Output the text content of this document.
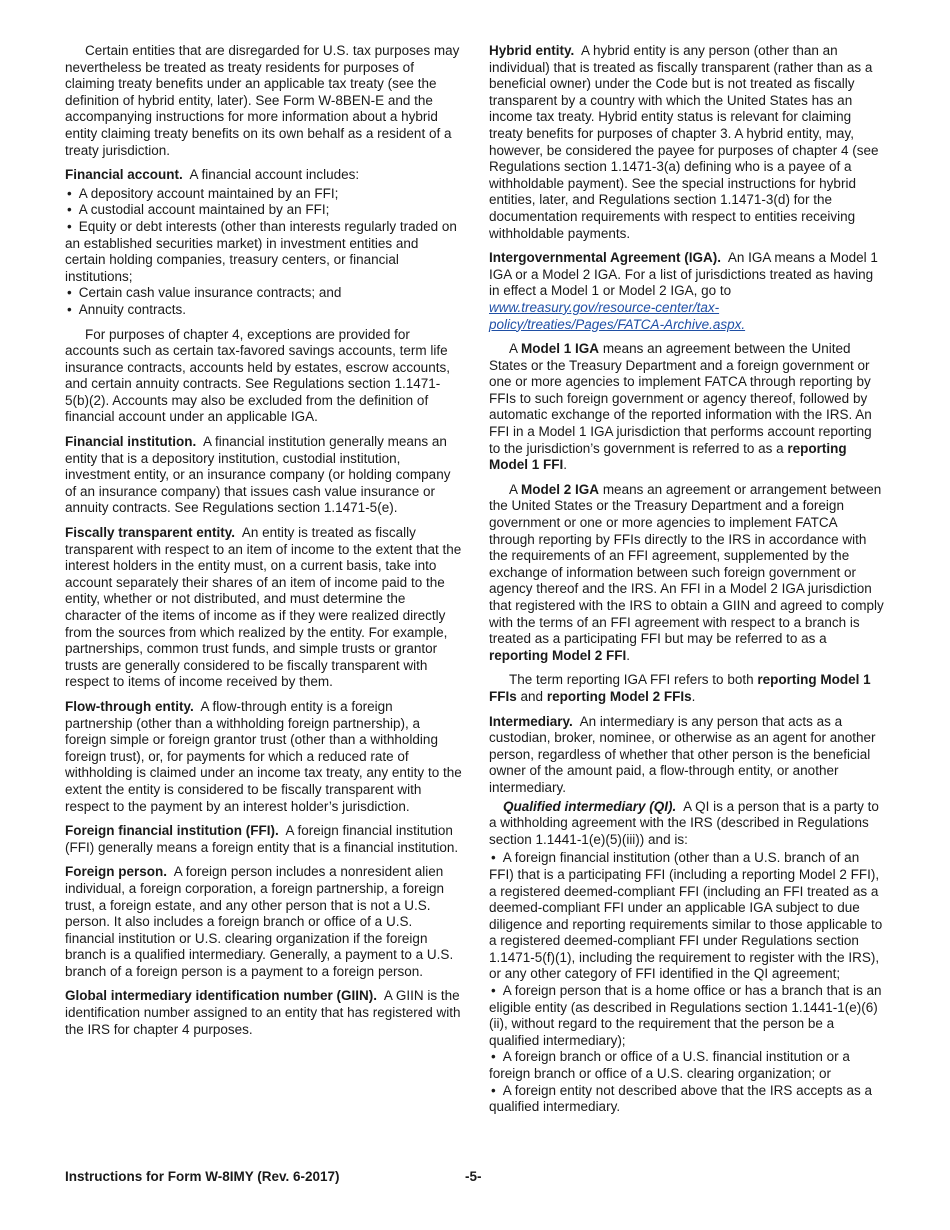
Certain entities that are disregarded for U.S. tax purposes may nevertheless be treated as treaty residents for purposes of claiming treaty benefits under an applicable tax treaty (see the definition of hybrid entity, later). See Form W-8BEN-E and the accompanying instructions for more information about a hybrid entity claiming treaty benefits on its own behalf as a resident of a treaty jurisdiction.

Financial account. A financial account includes:

• A depository account maintained by an FFI;
• A custodial account maintained by an FFI;
• Equity or debt interests (other than interests regularly traded on an established securities market) in investment entities and certain holding companies, treasury centers, or financial institutions;
• Certain cash value insurance contracts; and
• Annuity contracts.

For purposes of chapter 4, exceptions are provided for accounts such as certain tax-favored savings accounts, term life insurance contracts, accounts held by estates, escrow accounts, and certain annuity contracts. See Regulations section 1.1471-5(b)(2). Accounts may also be excluded from the definition of financial account under an applicable IGA.

Financial institution. A financial institution generally means an entity that is a depository institution, custodial institution, investment entity, or an insurance company (or holding company of an insurance company) that issues cash value insurance or annuity contracts. See Regulations section 1.1471-5(e).

Fiscally transparent entity. An entity is treated as fiscally transparent with respect to an item of income to the extent that the interest holders in the entity must, on a current basis, take into account separately their shares of an item of income paid to the entity, whether or not distributed, and must determine the character of the items of income as if they were realized directly from the sources from which realized by the entity. For example, partnerships, common trust funds, and simple trusts or grantor trusts are generally considered to be fiscally transparent with respect to items of income received by them.

Flow-through entity. A flow-through entity is a foreign partnership (other than a withholding foreign partnership), a foreign simple or foreign grantor trust (other than a withholding foreign trust), or, for payments for which a reduced rate of withholding is claimed under an income tax treaty, any entity to the extent the entity is considered to be fiscally transparent with respect to the payment by an interest holder’s jurisdiction.

Foreign financial institution (FFI). A foreign financial institution (FFI) generally means a foreign entity that is a financial institution.

Foreign person. A foreign person includes a nonresident alien individual, a foreign corporation, a foreign partnership, a foreign trust, a foreign estate, and any other person that is not a U.S. person. It also includes a foreign branch or office of a U.S. financial institution or U.S. clearing organization if the foreign branch is a qualified intermediary. Generally, a payment to a U.S. branch of a foreign person is a payment to a foreign person.

Global intermediary identification number (GIIN). A GIIN is the identification number assigned to an entity that has registered with the IRS for chapter 4 purposes.

Hybrid entity. A hybrid entity is any person (other than an individual) that is treated as fiscally transparent (rather than as a beneficial owner) under the Code but is not treated as fiscally transparent by a country with which the United States has an income tax treaty. Hybrid entity status is relevant for claiming treaty benefits for purposes of chapter 3. A hybrid entity, may, however, be considered the payee for purposes of chapter 4 (see Regulations section 1.1471-3(a) defining who is a payee of a withholdable payment). See the special instructions for hybrid entities, later, and Regulations section 1.1471-3(d) for the documentation requirements with respect to entities receiving withholdable payments.

Intergovernmental Agreement (IGA). An IGA means a Model 1 IGA or a Model 2 IGA. For a list of jurisdictions treated as having in effect a Model 1 or Model 2 IGA, go to www.treasury.gov/resource-center/tax-policy/treaties/Pages/FATCA-Archive.aspx.

A Model 1 IGA means an agreement between the United States or the Treasury Department and a foreign government or one or more agencies to implement FATCA through reporting by FFIs to such foreign government or agency thereof, followed by automatic exchange of the reported information with the IRS. An FFI in a Model 1 IGA jurisdiction that performs account reporting to the jurisdiction’s government is referred to as a reporting Model 1 FFI.

A Model 2 IGA means an agreement or arrangement between the United States or the Treasury Department and a foreign government or one or more agencies to implement FATCA through reporting by FFIs directly to the IRS in accordance with the requirements of an FFI agreement, supplemented by the exchange of information between such foreign government or agency thereof and the IRS. An FFI in a Model 2 IGA jurisdiction that registered with the IRS to obtain a GIIN and agreed to comply with the terms of an FFI agreement with respect to a branch is treated as a participating FFI but may be referred to as a reporting Model 2 FFI.

The term reporting IGA FFI refers to both reporting Model 1 FFIs and reporting Model 2 FFIs.

Intermediary. An intermediary is any person that acts as a custodian, broker, nominee, or otherwise as an agent for another person, regardless of whether that other person is the beneficial owner of the amount paid, a flow-through entity, or another intermediary.

Qualified intermediary (QI). A QI is a person that is a party to a withholding agreement with the IRS (described in Regulations section 1.1441-1(e)(5)(iii)) and is:

• A foreign financial institution (other than a U.S. branch of an FFI) that is a participating FFI (including a reporting Model 2 FFI), a registered deemed-compliant FFI (including an FFI treated as a deemed-compliant FFI under an applicable IGA subject to due diligence and reporting requirements similar to those applicable to a registered deemed-compliant FFI under Regulations section 1.1471-5(f)(1), including the requirement to register with the IRS), or any other category of FFI identified in the QI agreement;
• A foreign person that is a home office or has a branch that is an eligible entity (as described in Regulations section 1.1441-1(e)(6)(ii), without regard to the requirement that the person be a qualified intermediary);
• A foreign branch or office of a U.S. financial institution or a foreign branch or office of a U.S. clearing organization; or
• A foreign entity not described above that the IRS accepts as a qualified intermediary.
Instructions for Form W-8IMY (Rev. 6-2017)	-5-
